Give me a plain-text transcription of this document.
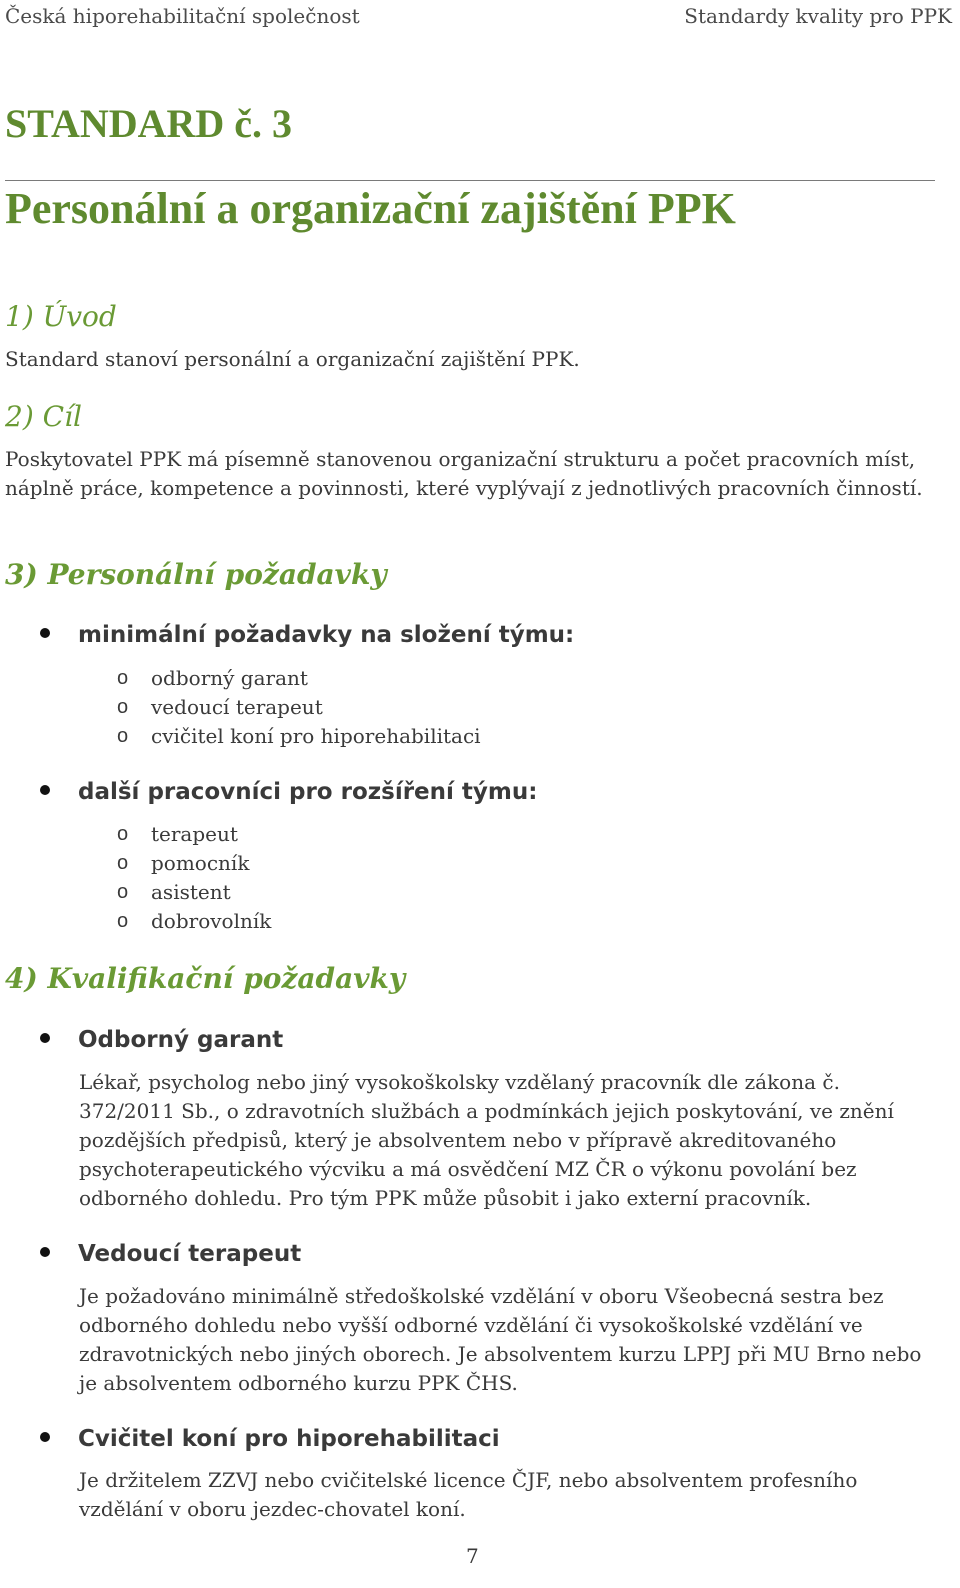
Česká hiporehabilitační společnost	Standardy kvality pro PPK
STANDARD č. 3
Personální a organizační zajištění PPK
1) Úvod

Standard stanoví personální a organizační zajištění PPK.

2) Cíl

Poskytovatel PPK má písemně stanovenou organizační strukturu a počet pracovních míst, náplně práce, kompetence a povinnosti, které vyplývají z jednotlivých pracovních činností.

3) Personální požadavky
minimální požadavky na složení týmu:
o	odborný garant
o	vedoucí terapeut
o	cvičitel koní pro hiporehabilitaci
další pracovníci pro rozšíření týmu:
o	terapeut
o	pomocník
o	asistent
o	dobrovolník
4) Kvalifikační požadavky
Odborný garant

Lékař, psycholog nebo jiný vysokoškolsky vzdělaný pracovník dle zákona č. 372/2011 Sb., o zdravotních službách a podmínkách jejich poskytování, ve znění pozdějších předpisů, který je absolventem nebo v přípravě akreditovaného psychoterapeutického výcviku a má osvědčení MZ ČR o výkonu povolání bez odborného dohledu. Pro tým PPK může působit i jako externí pracovník.

Vedoucí terapeut

Je požadováno minimálně středoškolské vzdělání v oboru Všeobecná sestra bez odborného dohledu nebo vyšší odborné vzdělání či vysokoškolské vzdělání ve zdravotnických nebo jiných oborech. Je absolventem kurzu LPPJ při MU Brno nebo je absolventem odborného kurzu PPK ČHS.

Cvičitel koní pro hiporehabilitaci

Je držitelem ZZVJ nebo cvičitelské licence ČJF, nebo absolventem profesního vzdělání v oboru jezdec-chovatel koní.

7
